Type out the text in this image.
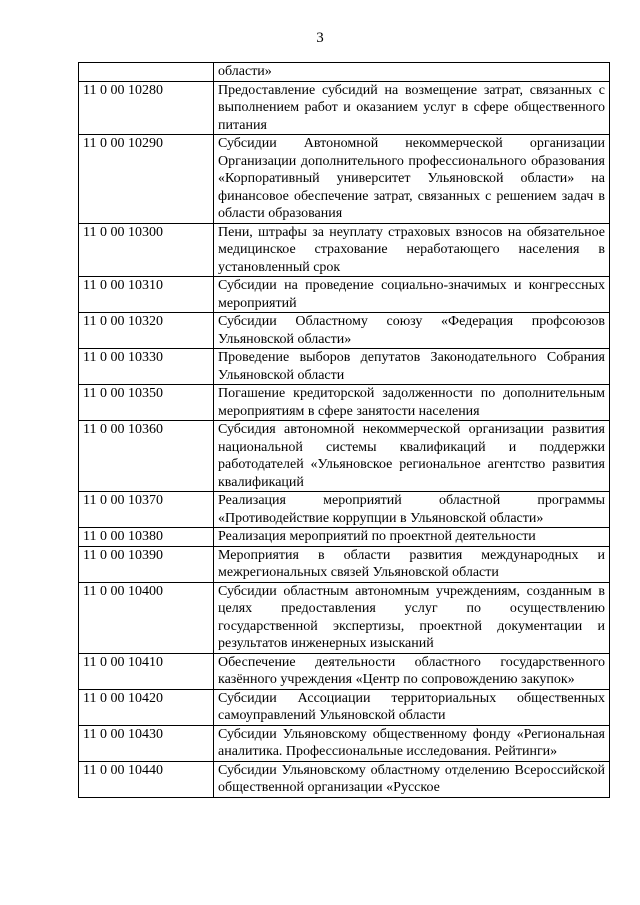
3
	области»
11 0 00 10280	Предоставление субсидий на возмещение затрат, связанных с выполнением работ и оказанием услуг в сфере общественного питания
11 0 00 10290	Субсидии Автономной некоммерческой организации Организации дополнительного профессионального образования «Корпоративный университет Ульяновской области» на финансовое обеспечение затрат, связанных с решением задач в области образования
11 0 00 10300	Пени, штрафы за неуплату страховых взносов на обязательное медицинское страхование неработающего населения в установленный срок
11 0 00 10310	Субсидии на проведение социально-значимых и конгрессных мероприятий
11 0 00 10320	Субсидии Областному союзу «Федерация профсоюзов Ульяновской области»
11 0 00 10330	Проведение выборов депутатов Законодательного Собрания Ульяновской области
11 0 00 10350	Погашение кредиторской задолженности по дополнительным мероприятиям в сфере занятости населения
11 0 00 10360	Субсидия автономной некоммерческой организации развития национальной системы квалификаций и поддержки работодателей «Ульяновское региональное агентство развития квалификаций
11 0 00 10370	Реализация мероприятий областной программы «Противодействие коррупции в Ульяновской области»
11 0 00 10380	Реализация мероприятий по проектной деятельности
11 0 00 10390	Мероприятия в области развития международных и межрегиональных связей Ульяновской области
11 0 00 10400	Субсидии областным автономным учреждениям, созданным в целях предоставления услуг по осуществлению государственной экспертизы, проектной документации и результатов инженерных изысканий
11 0 00 10410	Обеспечение деятельности областного государственного казённого учреждения «Центр по сопровождению закупок»
11 0 00 10420	Субсидии Ассоциации территориальных общественных самоуправлений Ульяновской области
11 0 00 10430	Субсидии Ульяновскому общественному фонду «Региональная аналитика. Профессиональные исследования. Рейтинги»
11 0 00 10440	Субсидии Ульяновскому областному отделению Всероссийской общественной организации «Русское
